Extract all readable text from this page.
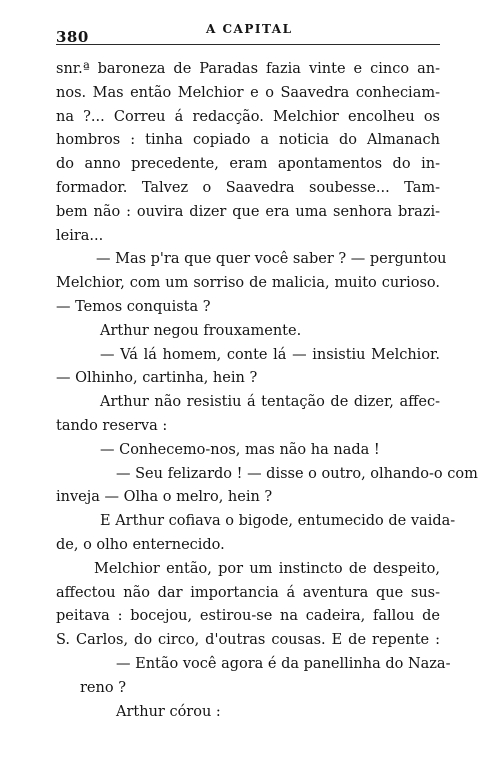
380	A CAPITAL
snr.ª baroneza de Paradas fazia vinte e cinco an-
nos. Mas então Melchior e o Saavedra conheciam-
na ?... Correu á redacção. Melchior encolheu os
hombros : tinha copiado a noticia do Almanach
do anno precedente, eram apontamentos do in-
formador. Talvez o Saavedra soubesse... Tam-
bem não : ouvira dizer que era uma senhora brazi-
leira...
— Mas p'ra que quer você saber ? — perguntou
Melchior, com um sorriso de malicia, muito curioso.
— Temos conquista ?
Arthur negou frouxamente.
— Vá lá homem, conte lá — insistiu Melchior.
— Olhinho, cartinha, hein ?
Arthur não resistiu á tentação de dizer, affec-
tando reserva :
— Conhecemo-nos, mas não ha nada !
— Seu felizardo ! — disse o outro, olhando-o com
inveja — Olha o melro, hein ?
E Arthur cofiava o bigode, entumecido de vaida-
de, o olho enternecido.
Melchior então, por um instincto de despeito,
affectou não dar importancia á aventura que sus-
peitava : bocejou, estirou-se na cadeira, fallou de
S. Carlos, do circo, d'outras cousas. E de repente :
— Então você agora é da panellinha do Naza-
reno ?
Arthur córou :
